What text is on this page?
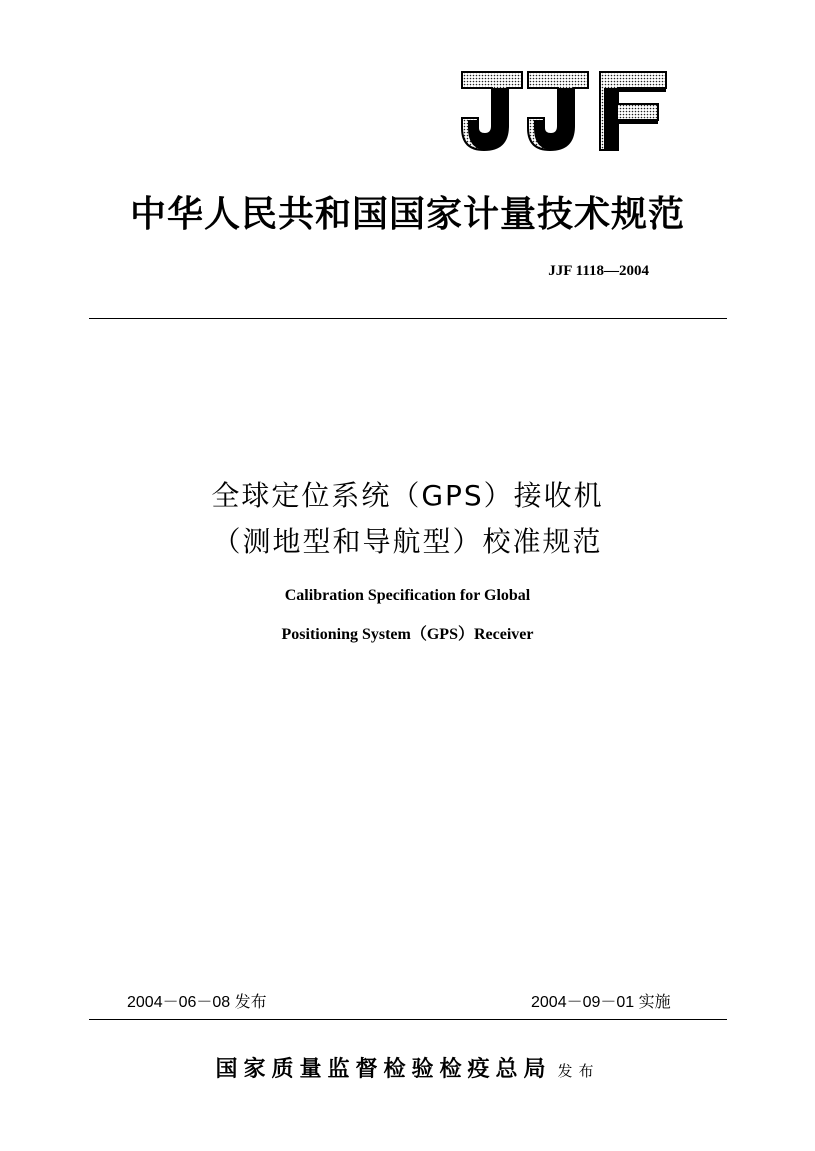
中华人民共和国国家计量技术规范
JJF 1118—2004
全球定位系统（GPS）接收机
（测地型和导航型）校准规范
Calibration Specification for Global
Positioning System（GPS）Receiver
2004－06－08 发布	2004－09－01 实施
国家质量监督检验检疫总局 发布
